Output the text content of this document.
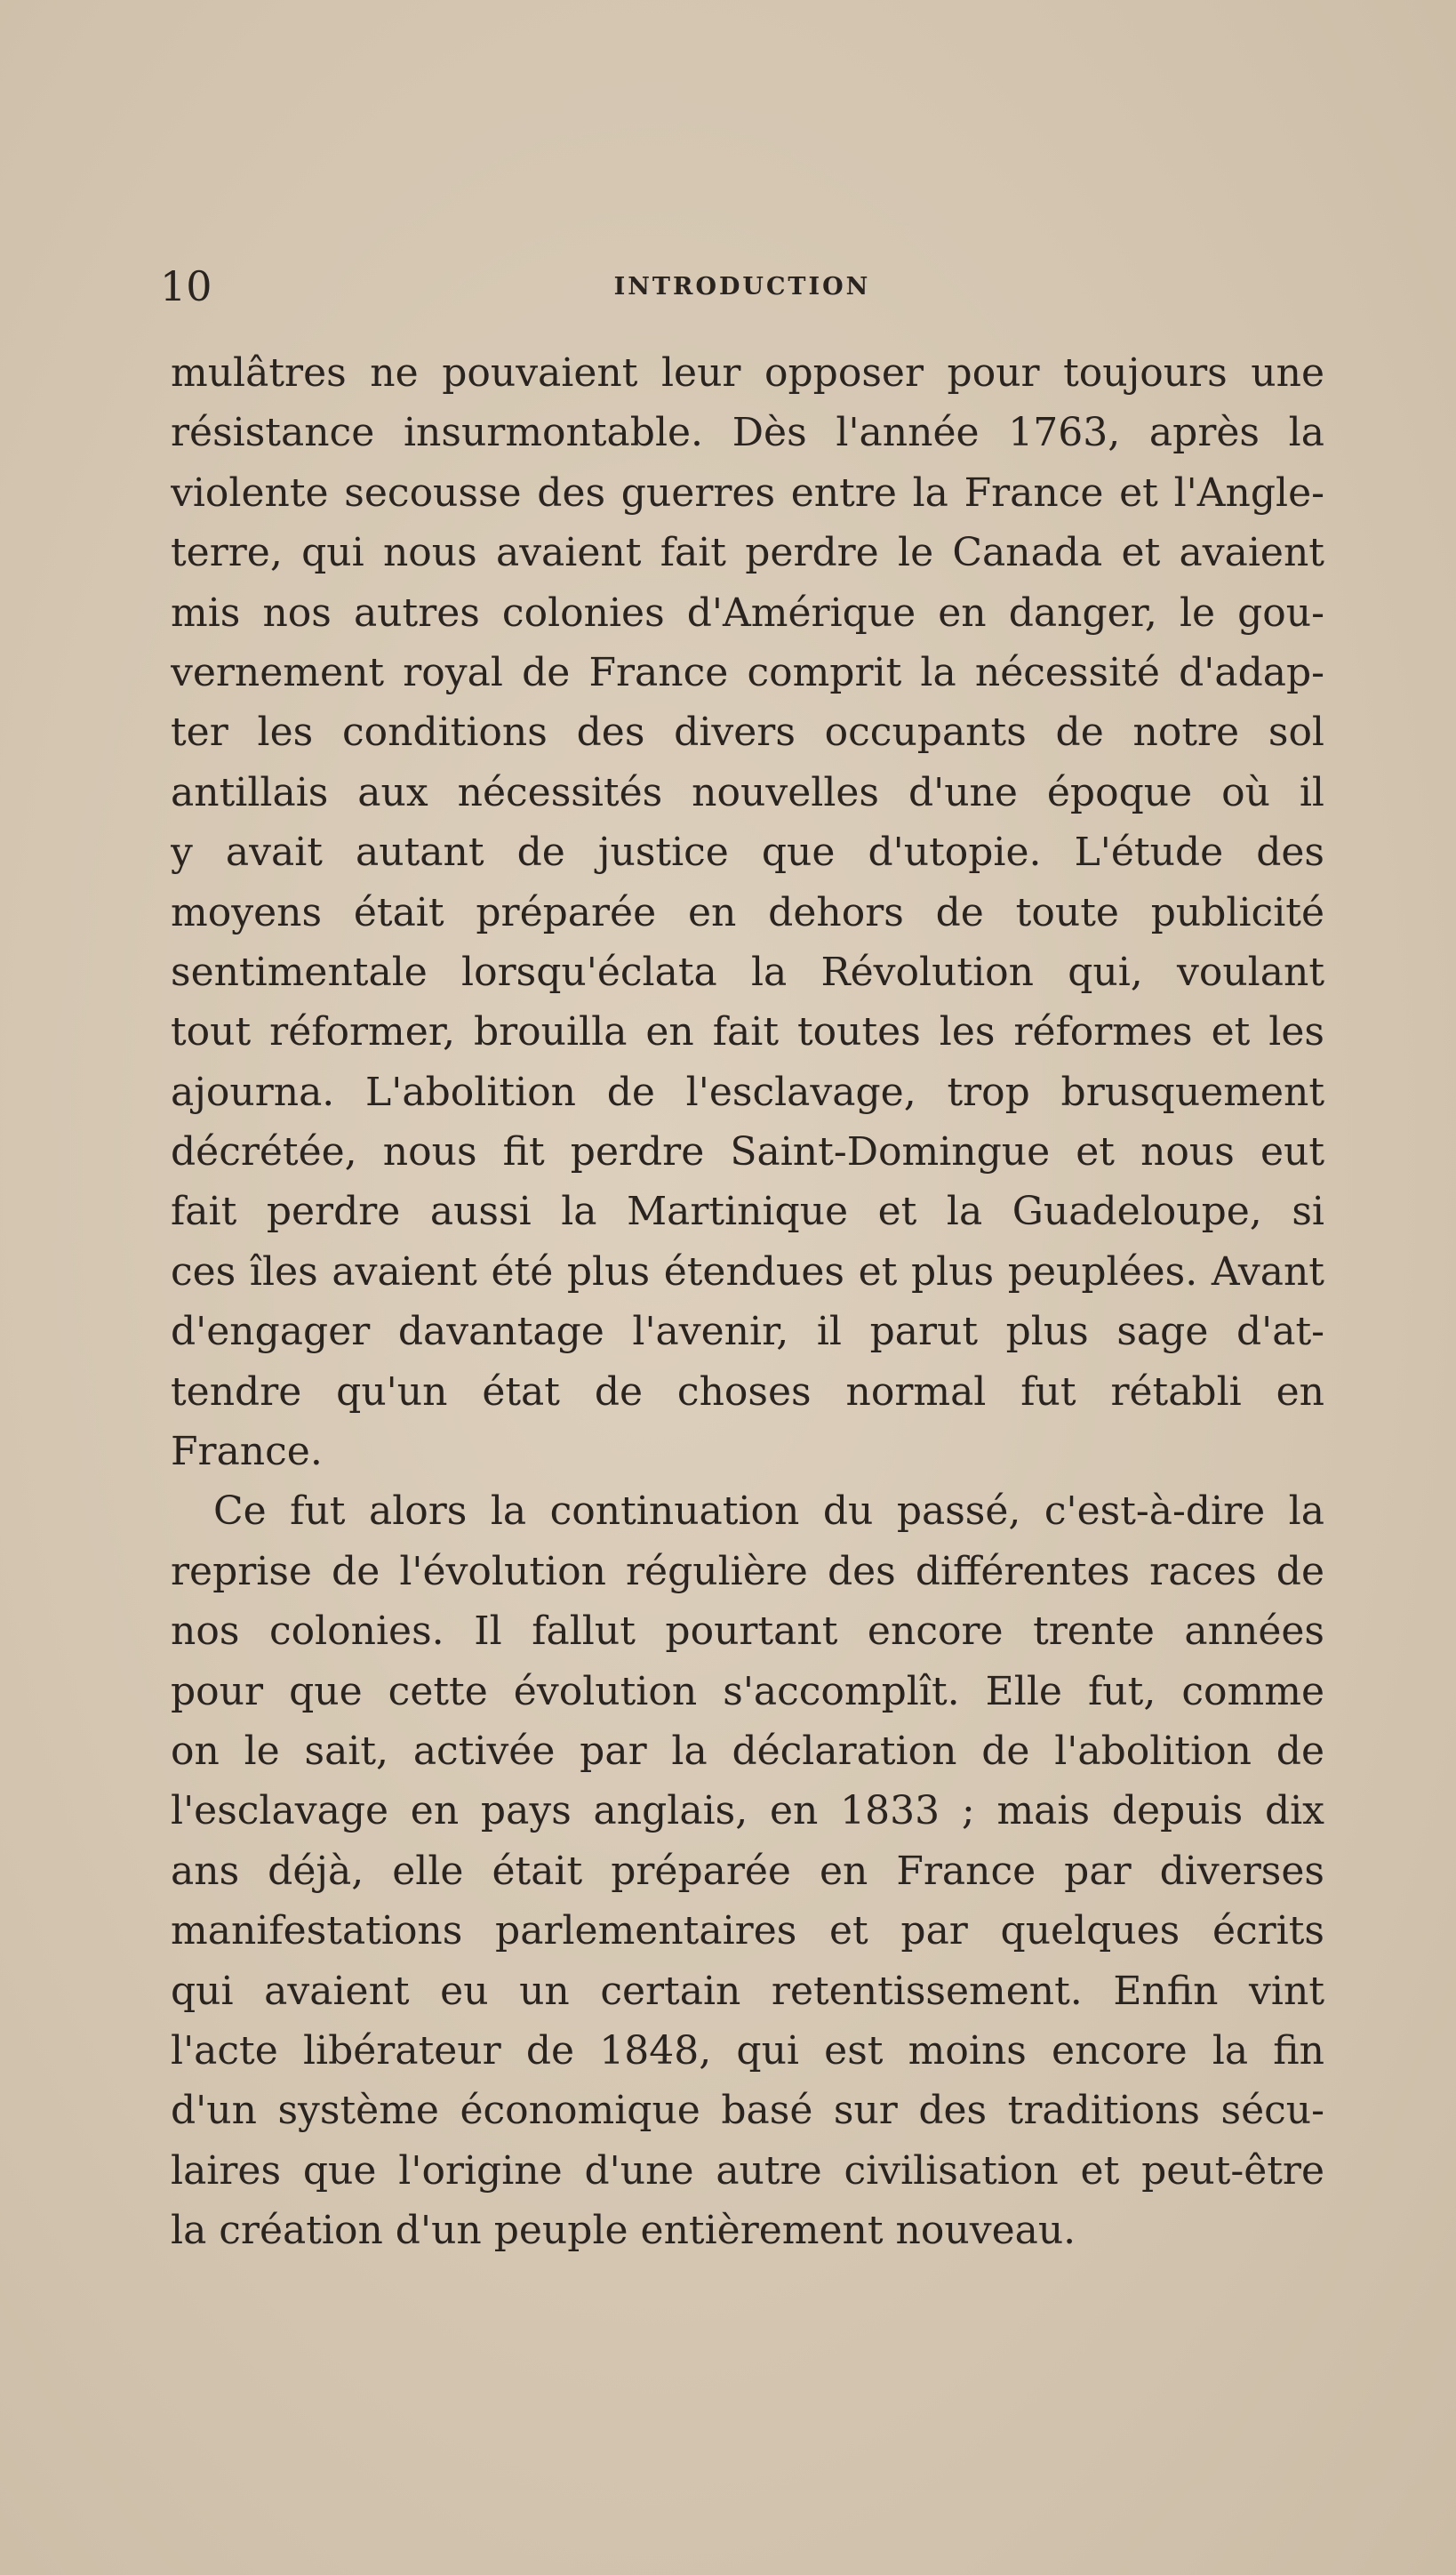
10	INTRODUCTION

mulâtres ne pouvaient leur opposer pour toujours une
résistance insurmontable. Dès l'année 1763, après la
violente secousse des guerres entre la France et l'Angle-
terre, qui nous avaient fait perdre le Canada et avaient
mis nos autres colonies d'Amérique en danger, le gou-
vernement royal de France comprit la nécessité d'adap-
ter les conditions des divers occupants de notre sol
antillais aux nécessités nouvelles d'une époque où il
y avait autant de justice que d'utopie. L'étude des
moyens était préparée en dehors de toute publicité
sentimentale lorsqu'éclata la Révolution qui, voulant
tout réformer, brouilla en fait toutes les réformes et les
ajourna. L'abolition de l'esclavage, trop brusquement
décrétée, nous fit perdre Saint-Domingue et nous eut
fait perdre aussi la Martinique et la Guadeloupe, si
ces îles avaient été plus étendues et plus peuplées. Avant
d'engager davantage l'avenir, il parut plus sage d'at-
tendre qu'un état de choses normal fut rétabli en
France.

Ce fut alors la continuation du passé, c'est-à-dire la
reprise de l'évolution régulière des différentes races de
nos colonies. Il fallut pourtant encore trente années
pour que cette évolution s'accomplît. Elle fut, comme
on le sait, activée par la déclaration de l'abolition de
l'esclavage en pays anglais, en 1833 ; mais depuis dix
ans déjà, elle était préparée en France par diverses
manifestations parlementaires et par quelques écrits
qui avaient eu un certain retentissement. Enfin vint
l'acte libérateur de 1848, qui est moins encore la fin
d'un système économique basé sur des traditions sécu-
laires que l'origine d'une autre civilisation et peut-être
la création d'un peuple entièrement nouveau.
